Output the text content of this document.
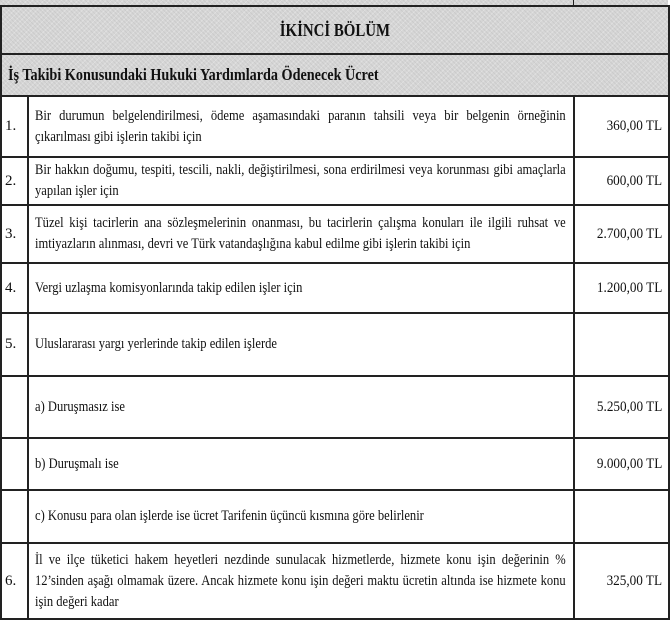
İKİNCİ BÖLÜM		
İş Takibi Konusundaki Hukuki Yardımlarda Ödenecek Ücret		
1.	Bir durumun belgelendirilmesi, ödeme aşamasındaki paranın tahsili veya bir belgenin örneğinin çıkarılması gibi işlerin takibi için	360,00 TL
2.	Bir hakkın doğumu, tespiti, tescili, nakli, değiştirilmesi, sona erdirilmesi veya korunması gibi amaçlarla yapılan işler için	600,00 TL
3.	Tüzel kişi tacirlerin ana sözleşmelerinin onanması, bu tacirlerin çalışma konuları ile ilgili ruhsat ve imtiyazların alınması, devri ve Türk vatandaşlığına kabul edilme gibi işlerin takibi için	2.700,00 TL
4.	Vergi uzlaşma komisyonlarında takip edilen işler için	1.200,00 TL
5.	Uluslararası yargı yerlerinde takip edilen işlerde	

	a) Duruşmasız ise	5.250,00 TL

	b) Duruşmalı ise	9.000,00 TL

	c) Konusu para olan işlerde ise ücret Tarifenin üçüncü kısmına göre belirlenir	

6.	İl ve ilçe tüketici hakem heyetleri nezdinde sunulacak hizmetlerde, hizmete konu işin değerinin % 12’sinden aşağı olmamak üzere. Ancak hizmete konu işin değeri maktu ücretin altında ise hizmete konu işin değeri kadar	325,00 TL
